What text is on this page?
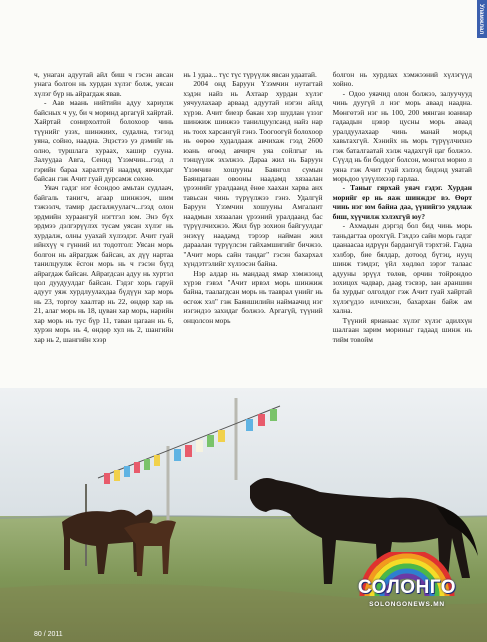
Уламжлал

ч, унаган адуутай айл биш ч гэсэн авсан унага болгон нь хурдан хүлэг болж, уясан хүлэг бүр нь айрагдаж явав.

- Аав маань нийтийн адуу хариулж байсных ч уу, би ч моринд аргагүй хайртай. Хайртай сонирхолтой болохоор чинь түүнийг узэх, шинжиих, судалнa, тэгэзд уяна, сойно, наадна. Эцэстээ уэ дэмийг нь олно, туршлага хураах, хашир сууна. Залуудаа Авга, Сенид Үзэмчин...гэзд л гэрийн бараа харалтгүй наадмд явчихдаг байсан гэж Ачит гуай дурсамж сөхнө.

Уяач гадзг нэг ёсондоо амьтан судлаач, байгаль танигч, агаар шинжээч, шим тэжээлч, тамир дасгалжуулагч...гэзд олон эрдмийн хураангуй нэгтгэл юм. Энэ бүх эрдмээ дэлгэрүүлэх тусам уясан хүлэг нь хурдалж, олны ууахай хүлээдэг. Ачит гуай ийнхүү ч гүнний ил тодотгол: Уясан морь болгон нь айрагдаж байсан, ах дүү нартаа танилцуулж ёсгон морь нь ч гэсэн бүгд айрагдаж байсан. Айрагдсан адуу нь хуртэл цол дуудуулдаг байсан. Гэдэг хорь гаруй адуут уяж хурдлуулахдаа бүдүүн хар морь нь 23, торгоу хаалтар нь 22, өндөр хар нь 21, алаг морь нь 18, цуван хар морь, нарийн хар морь нь тус бүр 11, таван цагаан нь 6, хурэн морь нь 4, өндөр хул нь 2, шангийн хар нь 2, шангийн хээр

нь 1 удаа... түс түс түрүүлж явсан удаатай.

2004 онд Баруун Үзэмчин нутагтай хэдэн найз нь Ахтаар хурдан хүлэг уячуулахаар арвaaд адуутай нэгэн айлд хүрэв. Ачит биезр бакан хэр шудлан үзэзг шинжиж шинжээ танилцуулсанд найз нар нь тоох харсангүй гэнэ. Тоогоогүй болохоор нь өөрөө худалдааж авчихаж гэзд 2600 юань өгөөд авчирч уяа сойлгыг нь тэнцүүлж эхэлжээ. Дараа жил нь Баруун Үзэмчин хошууны Баянгол сумын Баянцагаан овооны наадамд хязаалан үрээнийг уралдаанд ёнөе хаахан харвa анх тавьсан чинь түрүүлжээ гэнэ. Удалгүй Баруун Үзэмчин хошууны Амгалант наадмын хязаалан үрээний уралдаанд бас түрүүлчихжээ. Жил бүр зохион байгуулдаг энэхүү наадамд тэрээр найман жил дараалан түрүүлсэн гайхамшигийг бичжээ. "Ачит морь сайн тандаг" гэсэн бахархал хүндэтгэлийг хүлээсэн байна.

Нэр алдар нь мандaaд ямар хэмжээнд хүрэв гэвэл "Ачит ирвэл морь шинжиж байна, таалагдсан морь нь тааврал үнийг нь өсгөж хэл" гэж Баяншилийн наймаачид нэг нэгэндээ захидаг болжээ. Аргагүй, түүний онцолсон морь

болгон нь хурдлах хэмжээний хүлэгүүд хойно.

- Одоо уяачид олон болжээ, залуучууд чинь дуугүй л нэг морь аваад наадна. Мөнгөтэй нэг нь 100, 200 мянган юаниар гадаадын цэвэр цусны морь аваад уралдуулахаар чинь манай морьд хавьтахгүй. Хэнийх нь морь түрүүлчихнэ гэж баталгаатай хэлж чадахгүй цаг болжээ. Сүүлд нь би боддог болсон, монгол морио л уяна гэж Ачит гуай хэлээд бидэнд уяатай морьдоо үзүүлэхээр гарлаа.

- Таныг гярхай уяач гэдэг. Хурдан морийг ер нь яаж шинждэг вэ. Өөрт чинь нэг юм байна даа, үүнийгээ уядлаж биш, хүүчилж хэлэхгүй юу?

- Ахмадын дэргэд бол бид чинь морь таньдагтаа орохгүй. Гэхдээ сайн морь гадзг цаанаасаа идрүүн бардангүй тэрхтэй. Гадна хэлбэр, бие бялдар, дотоод бүтэц, нууц шинж тэмдэг, үйл хөдлөл зэрэг талаас адууны эрүүл төлөв, орчин тойрондоо зохицох чадвар, дааg тэсвэр, зан араншин ба хурдыг олголдог гэж Ачит гуай хайртай хүлэгүдээ илчихсэн, бахархан байж ам хална.

Түүний ярианаас хүлэг хүлэг адилхүн шалгаан зарим мориныг гадаад шинж нь тийм товойм

80 / 2011
СОЛОНГО
SOLONGONEWS.MN
